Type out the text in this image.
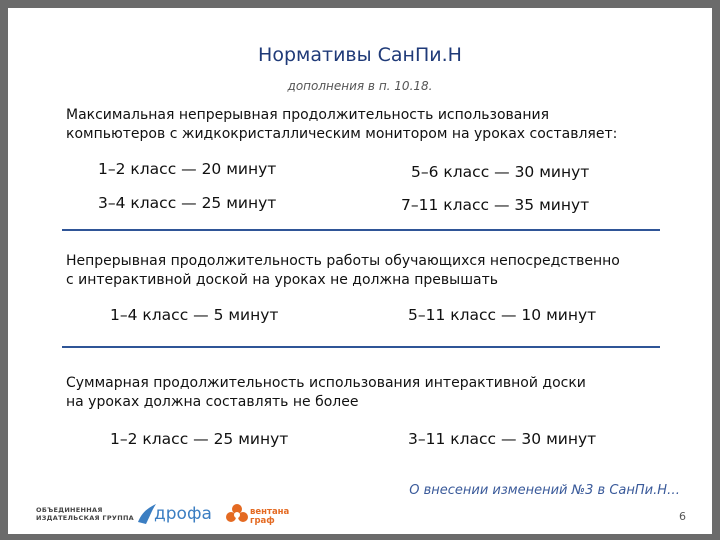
Нормативы СанПи.Н
дополнения в п. 10.18.
Максимальная непрерывная продолжительность использования
компьютеров с жидкокристаллическим монитором на уроках составляет:
1–2 класс — 20 минут	5–6 класс — 30 минут
3–4 класс — 25 минут	7–11 класс — 35 минут
Непрерывная продолжительность работы обучающихся непосредственно
с интерактивной доской на уроках не должна превышать
1–4 класс — 5 минут	5–11 класс — 10 минут
Суммарная продолжительность использования интерактивной доски
на уроках должна составлять не более
1–2 класс — 25 минут	3–11 класс — 30 минут
О внесении изменений №3 в СанПи.Н…
6
ОБЪЕДИНЕННАЯ
ИЗДАТЕЛЬСКАЯ ГРУППА дрофа	вентана
граф
